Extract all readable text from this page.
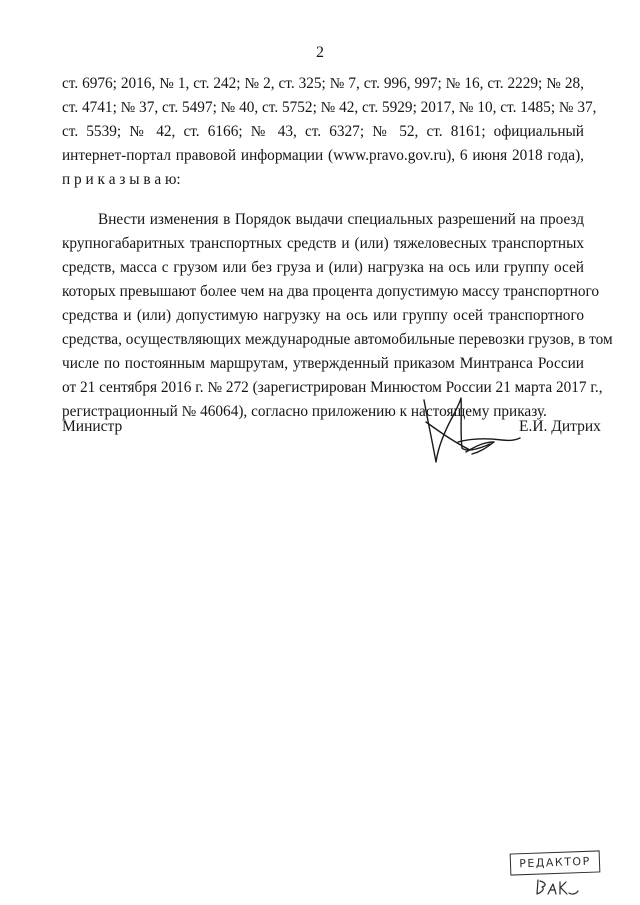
2
ст. 6976; 2016, № 1, ст. 242; № 2, ст. 325; № 7, ст. 996, 997; № 16, ст. 2229; № 28,
ст. 4741; № 37, ст. 5497; № 40, ст. 5752; № 42, ст. 5929; 2017, № 10, ст. 1485; № 37,
ст. 5539; № 42, ст. 6166; № 43, ст. 6327; № 52, ст. 8161; официальный
интернет-портал правовой информации (www.pravo.gov.ru), 6 июня 2018 года),
п р и к а з ы в а ю:
Внести изменения в Порядок выдачи специальных разрешений на проезд
крупногабаритных транспортных средств и (или) тяжеловесных транспортных
средств, масса с грузом или без груза и (или) нагрузка на ось или группу осей
которых превышают более чем на два процента допустимую массу транспортного
средства и (или) допустимую нагрузку на ось или группу осей транспортного
средства, осуществляющих международные автомобильные перевозки грузов, в том
числе по постоянным маршрутам, утвержденный приказом Минтранса России
от 21 сентября 2016 г. № 272 (зарегистрирован Минюстом России 21 марта 2017 г.,
регистрационный № 46064), согласно приложению к настоящему приказу.
Министр	Е.И. Дитрих
РЕДАКТОР
